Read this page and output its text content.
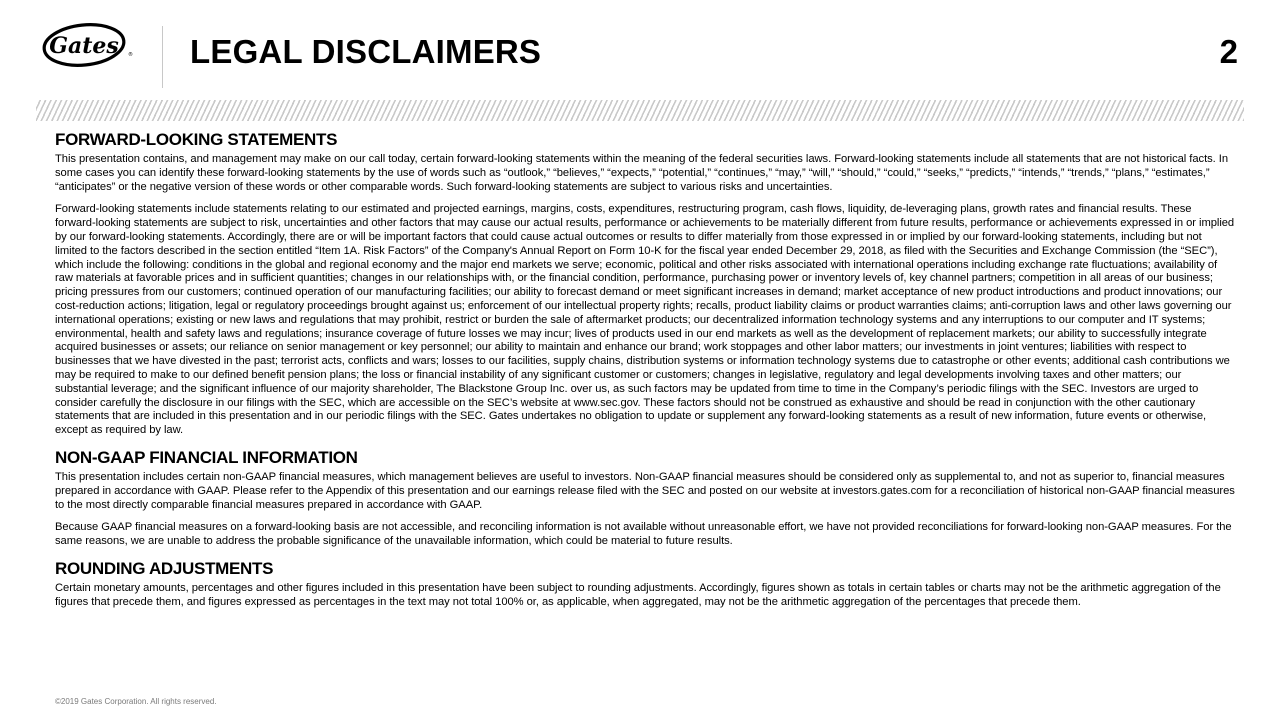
Gates ® LEGAL DISCLAIMERS	2
FORWARD-LOOKING STATEMENTS

This presentation contains, and management may make on our call today, certain forward-looking statements within the meaning of the federal securities laws. Forward-looking statements include all statements that are not historical facts. In some cases you can identify these forward-looking statements by the use of words such as “outlook,” “believes,” “expects,” “potential,” “continues,” “may,” “will,” “should,” “could,” “seeks,” “predicts,” “intends,” “trends,” “plans,” “estimates,” “anticipates” or the negative version of these words or other comparable words. Such forward-looking statements are subject to various risks and uncertainties.

Forward-looking statements include statements relating to our estimated and projected earnings, margins, costs, expenditures, restructuring program, cash flows, liquidity, de-leveraging plans, growth rates and financial results. These forward-looking statements are subject to risk, uncertainties and other factors that may cause our actual results, performance or achievements to be materially different from future results, performance or achievements expressed in or implied by our forward-looking statements. Accordingly, there are or will be important factors that could cause actual outcomes or results to differ materially from those expressed in or implied by our forward-looking statements, including but not limited to the factors described in the section entitled “Item 1A. Risk Factors” of the Company's Annual Report on Form 10-K for the fiscal year ended December 29, 2018, as filed with the Securities and Exchange Commission (the “SEC”), which include the following: conditions in the global and regional economy and the major end markets we serve; economic, political and other risks associated with international operations including exchange rate fluctuations; availability of raw materials at favorable prices and in sufficient quantities; changes in our relationships with, or the financial condition, performance, purchasing power or inventory levels of, key channel partners; competition in all areas of our business; pricing pressures from our customers; continued operation of our manufacturing facilities; our ability to forecast demand or meet significant increases in demand; market acceptance of new product introductions and product innovations; our cost-reduction actions; litigation, legal or regulatory proceedings brought against us; enforcement of our intellectual property rights; recalls, product liability claims or product warranties claims; anti-corruption laws and other laws governing our international operations; existing or new laws and regulations that may prohibit, restrict or burden the sale of aftermarket products; our decentralized information technology systems and any interruptions to our computer and IT systems; environmental, health and safety laws and regulations; insurance coverage of future losses we may incur; lives of products used in our end markets as well as the development of replacement markets; our ability to successfully integrate acquired businesses or assets; our reliance on senior management or key personnel; our ability to maintain and enhance our brand; work stoppages and other labor matters; our investments in joint ventures; liabilities with respect to businesses that we have divested in the past; terrorist acts, conflicts and wars; losses to our facilities, supply chains, distribution systems or information technology systems due to catastrophe or other events; additional cash contributions we may be required to make to our defined benefit pension plans; the loss or financial instability of any significant customer or customers; changes in legislative, regulatory and legal developments involving taxes and other matters; our substantial leverage; and the significant influence of our majority shareholder, The Blackstone Group Inc. over us, as such factors may be updated from time to time in the Company’s periodic filings with the SEC. Investors are urged to consider carefully the disclosure in our filings with the SEC, which are accessible on the SEC’s website at www.sec.gov. These factors should not be construed as exhaustive and should be read in conjunction with the other cautionary statements that are included in this presentation and in our periodic filings with the SEC. Gates undertakes no obligation to update or supplement any forward-looking statements as a result of new information, future events or otherwise, except as required by law.

NON-GAAP FINANCIAL INFORMATION

This presentation includes certain non-GAAP financial measures, which management believes are useful to investors. Non-GAAP financial measures should be considered only as supplemental to, and not as superior to, financial measures prepared in accordance with GAAP. Please refer to the Appendix of this presentation and our earnings release filed with the SEC and posted on our website at investors.gates.com for a reconciliation of historical non-GAAP financial measures to the most directly comparable financial measures prepared in accordance with GAAP.

Because GAAP financial measures on a forward-looking basis are not accessible, and reconciling information is not available without unreasonable effort, we have not provided reconciliations for forward-looking non-GAAP measures. For the same reasons, we are unable to address the probable significance of the unavailable information, which could be material to future results.

ROUNDING ADJUSTMENTS

Certain monetary amounts, percentages and other figures included in this presentation have been subject to rounding adjustments. Accordingly, figures shown as totals in certain tables or charts may not be the arithmetic aggregation of the figures that precede them, and figures expressed as percentages in the text may not total 100% or, as applicable, when aggregated, may not be the arithmetic aggregation of the percentages that precede them.

©2019 Gates Corporation. All rights reserved.
